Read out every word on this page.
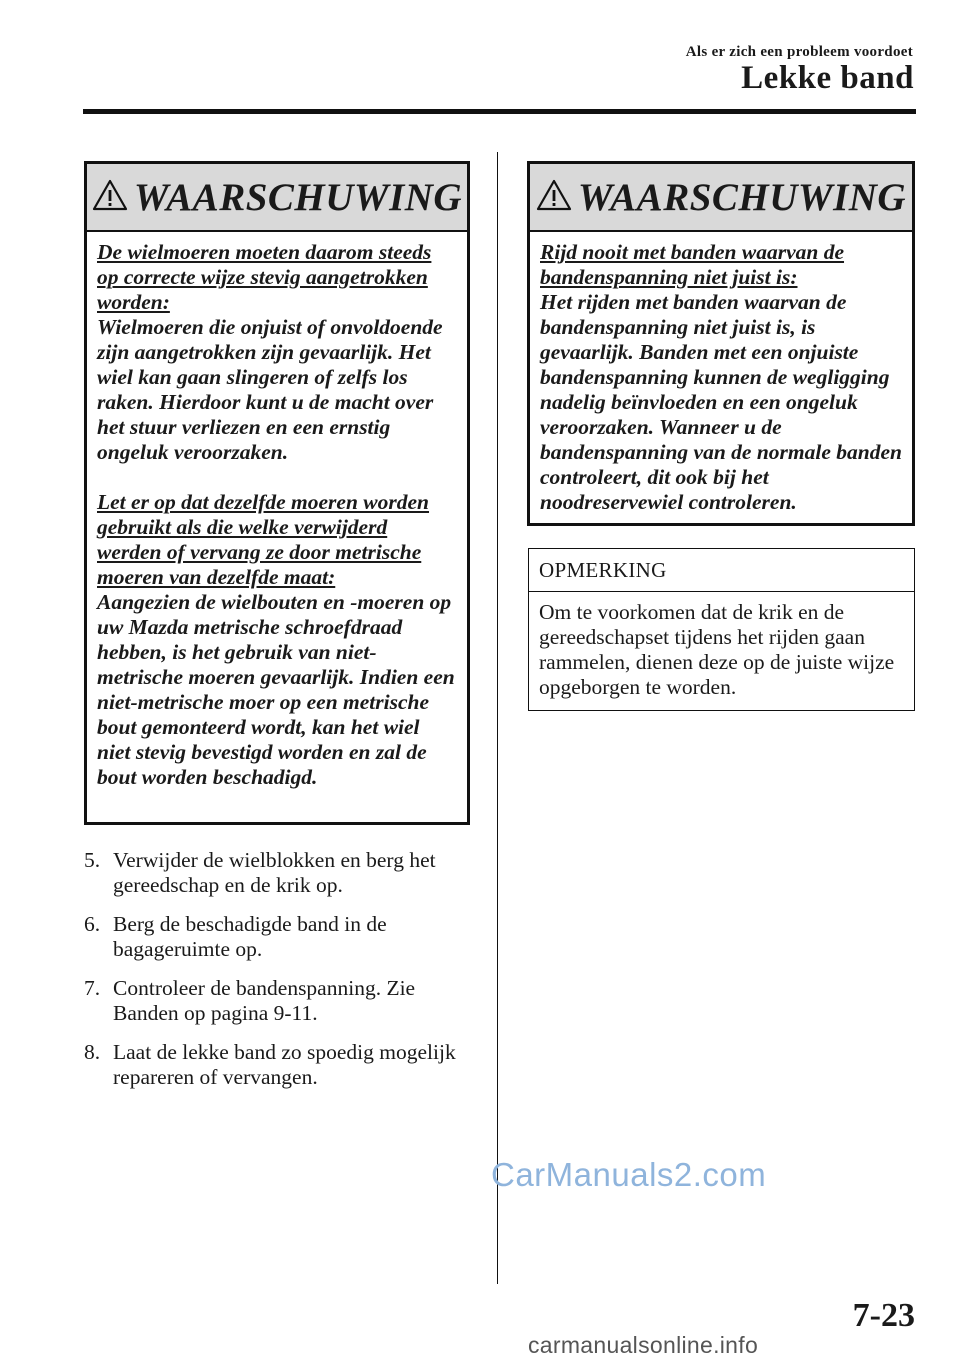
Als er zich een probleem voordoet
Lekke band
WAARSCHUWING

De wielmoeren moeten daarom steeds op correcte wijze stevig aangetrokken worden:

Wielmoeren die onjuist of onvoldoende zijn aangetrokken zijn gevaarlijk. Het wiel kan gaan slingeren of zelfs los raken. Hierdoor kunt u de macht over het stuur verliezen en een ernstig ongeluk veroorzaken.

Let er op dat dezelfde moeren worden gebruikt als die welke verwijderd werden of vervang ze door metrische moeren van dezelfde maat:

Aangezien de wielbouten en -moeren op uw Mazda metrische schroefdraad hebben, is het gebruik van niet-metrische moeren gevaarlijk. Indien een niet-metrische moer op een metrische bout gemonteerd wordt, kan het wiel niet stevig bevestigd worden en zal de bout worden beschadigd.

WAARSCHUWING

Rijd nooit met banden waarvan de bandenspanning niet juist is:

Het rijden met banden waarvan de bandenspanning niet juist is, is gevaarlijk. Banden met een onjuiste bandenspanning kunnen de wegligging nadelig beïnvloeden en een ongeluk veroorzaken. Wanneer u de bandenspanning van de normale banden controleert, dit ook bij het noodreservewiel controleren.

OPMERKING
Om te voorkomen dat de krik en de gereedschapset tijdens het rijden gaan rammelen, dienen deze op de juiste wijze opgeborgen te worden.
5. Verwijder de wielblokken en berg het gereedschap en de krik op.
6. Berg de beschadigde band in de bagageruimte op.
7. Controleer de bandenspanning. Zie Banden op pagina 9-11.
8. Laat de lekke band zo spoedig mogelijk repareren of vervangen.
CarManuals2.com
7-23
carmanualsonline.info
